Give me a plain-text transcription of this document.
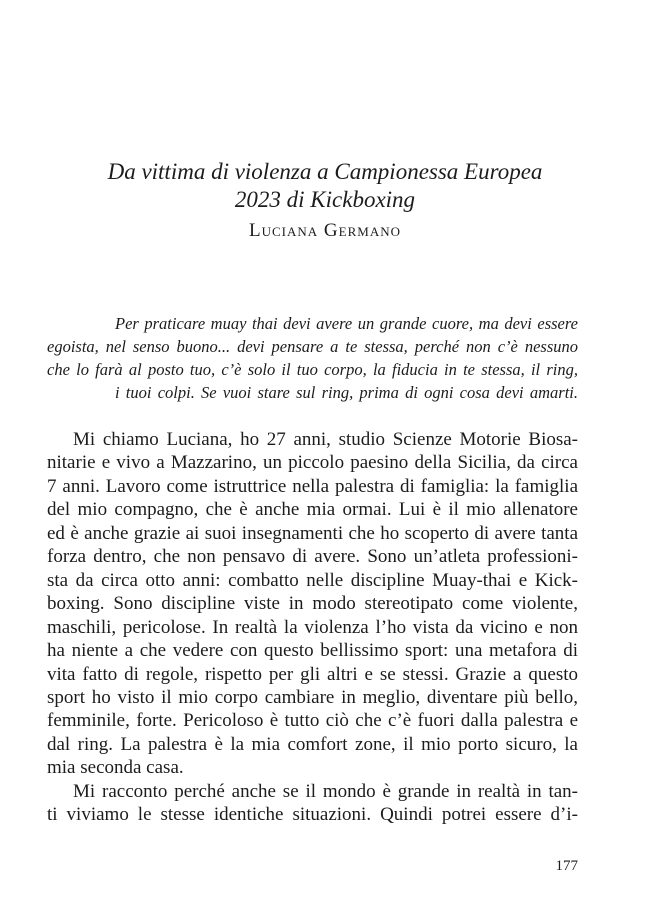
Da vittima di violenza a Campionessa Europea
2023 di Kickboxing
Luciana Germano
Per praticare muay thai devi avere un grande cuore, ma devi essere
egoista, nel senso buono... devi pensare a te stessa, perché non c’è nessuno
che lo farà al posto tuo, c’è solo il tuo corpo, la fiducia in te stessa, il ring,
i tuoi colpi. Se vuoi stare sul ring, prima di ogni cosa devi amarti.
Mi chiamo Luciana, ho 27 anni, studio Scienze Motorie Biosa-
nitarie e vivo a Mazzarino, un piccolo paesino della Sicilia, da circa
7 anni. Lavoro come istruttrice nella palestra di famiglia: la famiglia
del mio compagno, che è anche mia ormai. Lui è il mio allenatore
ed è anche grazie ai suoi insegnamenti che ho scoperto di avere tanta
forza dentro, che non pensavo di avere. Sono un’atleta professioni-
sta da circa otto anni: combatto nelle discipline Muay-thai e Kick-
boxing. Sono discipline viste in modo stereotipato come violente,
maschili, pericolose. In realtà la violenza l’ho vista da vicino e non
ha niente a che vedere con questo bellissimo sport: una metafora di
vita fatto di regole, rispetto per gli altri e se stessi. Grazie a questo
sport ho visto il mio corpo cambiare in meglio, diventare più bello,
femminile, forte. Pericoloso è tutto ciò che c’è fuori dalla palestra e
dal ring. La palestra è la mia comfort zone, il mio porto sicuro, la
mia seconda casa.
Mi racconto perché anche se il mondo è grande in realtà in tan-
ti viviamo le stesse identiche situazioni. Quindi potrei essere d’i-
177
